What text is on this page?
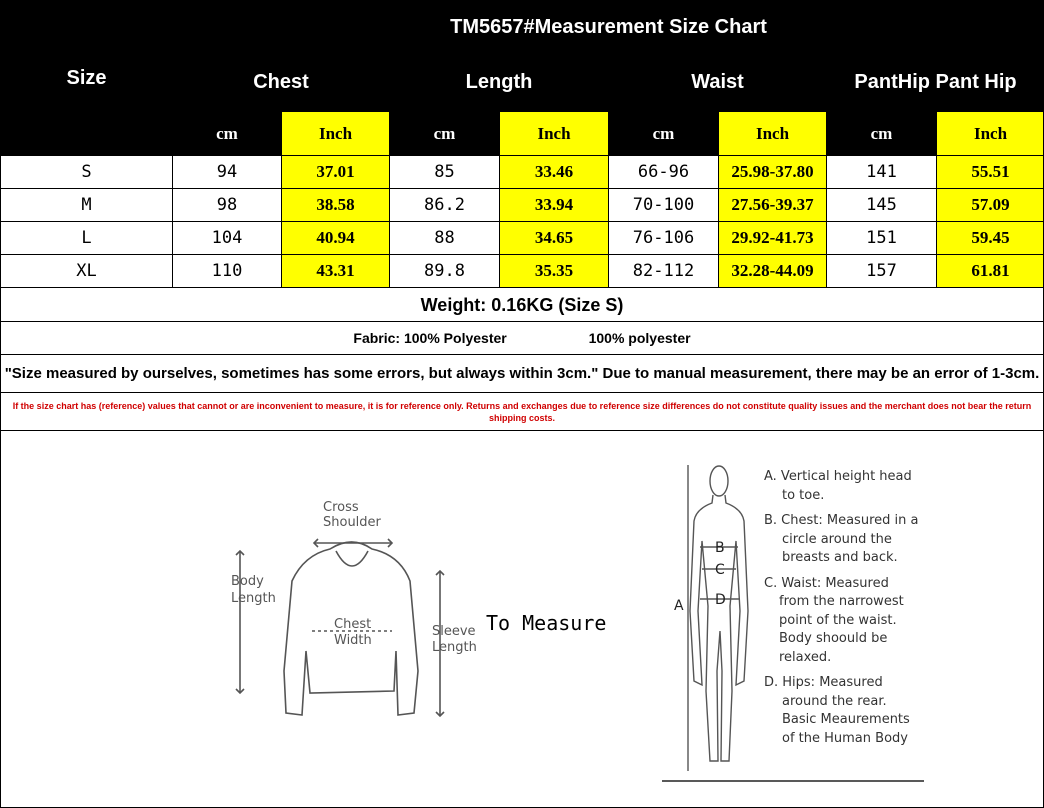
Size	TM5657#Measurement Size Chart							
	Chest		Length		Waist		PantHip Pant Hip	
	cm	Inch	cm	Inch	cm	Inch	cm	Inch
S	94	37.01	85	33.46	66-96	25.98-37.80	141	55.51
M	98	38.58	86.2	33.94	70-100	27.56-39.37	145	57.09
L	104	40.94	88	34.65	76-106	29.92-41.73	151	59.45
XL	110	43.31	89.8	35.35	82-112	32.28-44.09	157	61.81
Weight: 0.16KG (Size S)
Fabric: 100% Polyester	100% polyester
"Size measured by ourselves, sometimes has some errors, but always within 3cm." Due to manual measurement, there may be an error of 1-3cm.
If the size chart has (reference) values that cannot or are inconvenient to measure, it is for reference only. Returns and exchanges due to reference size differences do not constitute quality issues and the merchant does not bear the return shipping costs.
Cross
Shoulder
Body
Length
Chest
Width
Sleeve
Length
A
B
C
D
To Measure

A. Vertical height head

to toe.

B. Chest: Measured in a

circle around the
breasts and back.

C. Waist: Measured

from the narrowest
point of the waist.
Body shoould be
relaxed.

D. Hips: Measured

around the rear.
Basic Meaurements
of the Human Body
